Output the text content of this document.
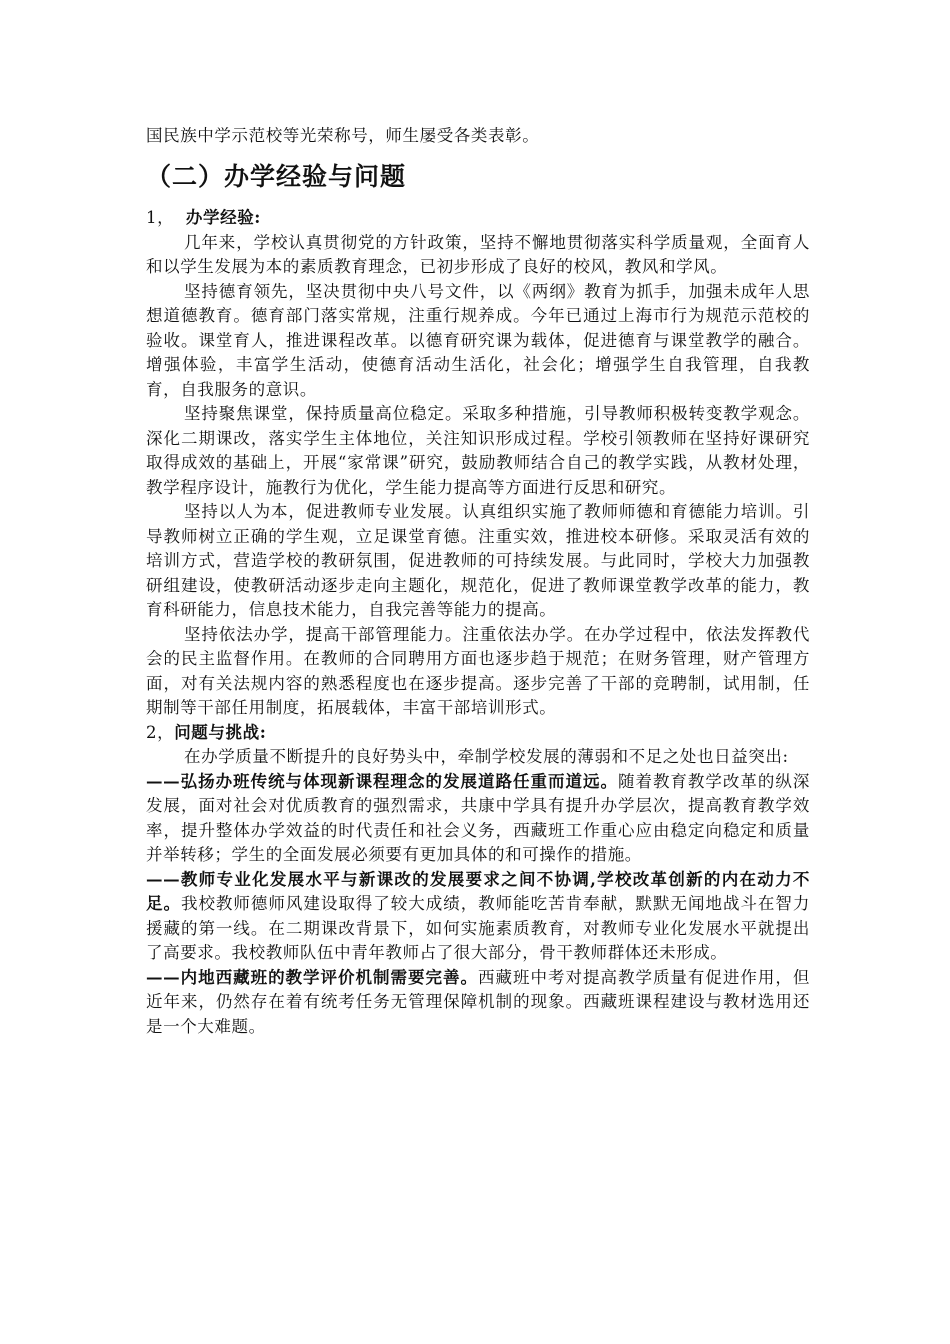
国民族中学示范校等光荣称号，师生屡受各类表彰。

（二）办学经验与问题

1， 办学经验:

几年来，学校认真贯彻党的方针政策，坚持不懈地贯彻落实科学质量观，全面育人和以学生发展为本的素质教育理念，已初步形成了良好的校风，教风和学风。

坚持德育领先，坚决贯彻中央八号文件，以《两纲》教育为抓手，加强未成年人思想道德教育。德育部门落实常规，注重行规养成。今年已通过上海市行为规范示范校的验收。课堂育人，推进课程改革。以德育研究课为载体，促进德育与课堂教学的融合。增强体验，丰富学生活动，使德育活动生活化，社会化；增强学生自我管理，自我教育，自我服务的意识。

坚持聚焦课堂，保持质量高位稳定。采取多种措施，引导教师积极转变教学观念。深化二期课改，落实学生主体地位，关注知识形成过程。学校引领教师在坚持好课研究取得成效的基础上，开展“家常课”研究，鼓励教师结合自己的教学实践，从教材处理，教学程序设计，施教行为优化，学生能力提高等方面进行反思和研究。

坚持以人为本，促进教师专业发展。认真组织实施了教师师德和育德能力培训。引导教师树立正确的学生观，立足课堂育德。注重实效，推进校本研修。采取灵活有效的培训方式，营造学校的教研氛围，促进教师的可持续发展。与此同时，学校大力加强教研组建设，使教研活动逐步走向主题化，规范化，促进了教师课堂教学改革的能力，教育科研能力，信息技术能力，自我完善等能力的提高。

坚持依法办学，提高干部管理能力。注重依法办学。在办学过程中，依法发挥教代会的民主监督作用。在教师的合同聘用方面也逐步趋于规范；在财务管理，财产管理方面，对有关法规内容的熟悉程度也在逐步提高。逐步完善了干部的竞聘制，试用制，任期制等干部任用制度，拓展载体，丰富干部培训形式。

2，问题与挑战:

在办学质量不断提升的良好势头中，牵制学校发展的薄弱和不足之处也日益突出:

——弘扬办班传统与体现新课程理念的发展道路任重而道远。随着教育教学改革的纵深发展，面对社会对优质教育的强烈需求，共康中学具有提升办学层次，提高教育教学效率，提升整体办学效益的时代责任和社会义务，西藏班工作重心应由稳定向稳定和质量并举转移；学生的全面发展必须要有更加具体的和可操作的措施。

——教师专业化发展水平与新课改的发展要求之间不协调,学校改革创新的内在动力不足。我校教师德师风建设取得了较大成绩，教师能吃苦肯奉献，默默无闻地战斗在智力援藏的第一线。在二期课改背景下，如何实施素质教育，对教师专业化发展水平就提出了高要求。我校教师队伍中青年教师占了很大部分，骨干教师群体还未形成。

——内地西藏班的教学评价机制需要完善。西藏班中考对提高教学质量有促进作用，但近年来，仍然存在着有统考任务无管理保障机制的现象。西藏班课程建设与教材选用还是一个大难题。
